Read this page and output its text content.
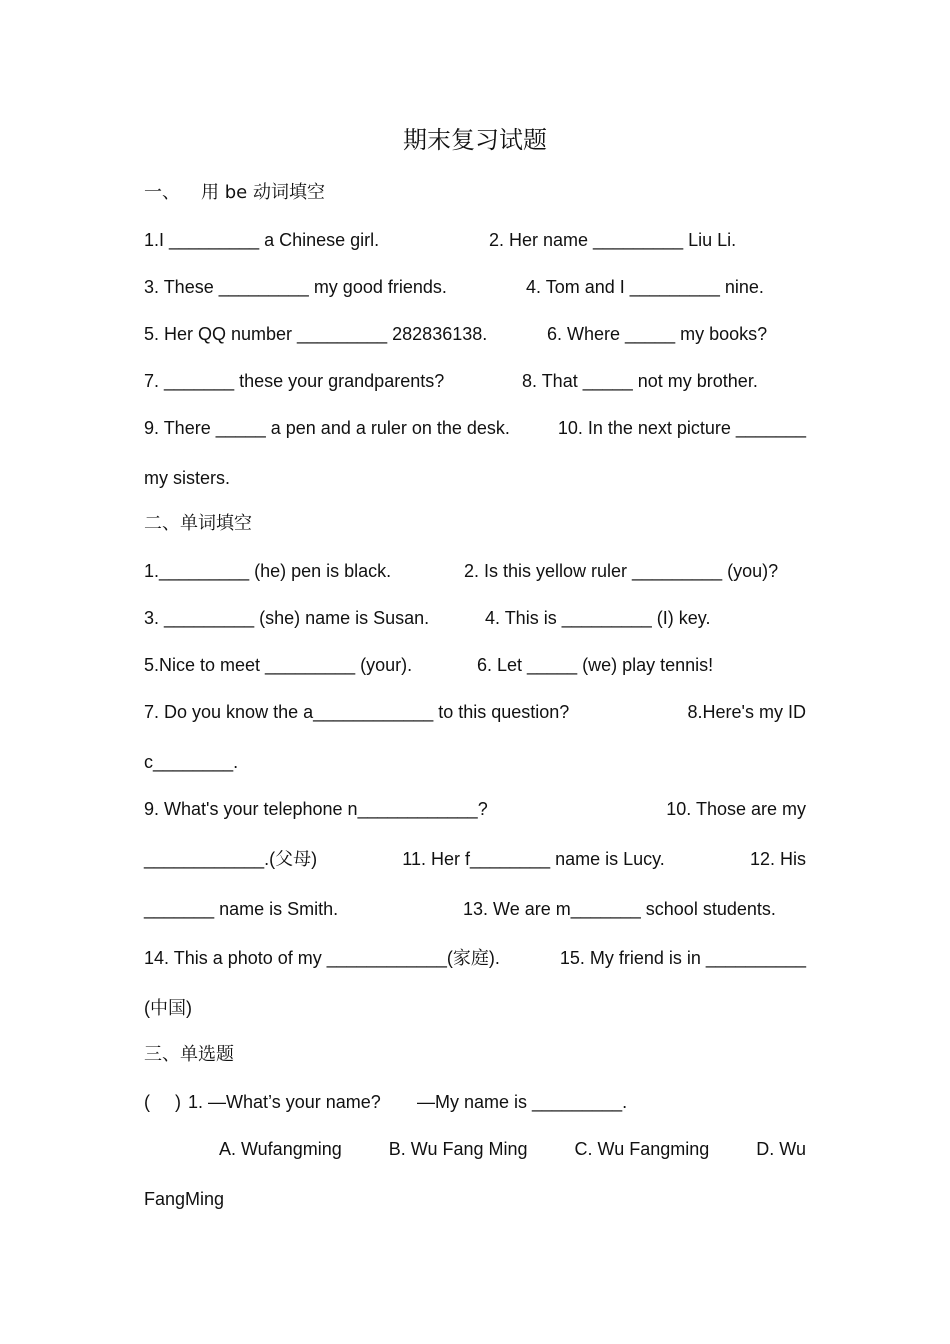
期末复习试题
一、 用 be 动词填空
1.I _________ a Chinese girl.	2. Her name _________ Liu Li.
3. These _________ my good friends.	4. Tom and I _________ nine.
5. Her QQ number _________ 282836138.	6. Where _____ my books?
7. _______ these your grandparents?	8. That _____ not my brother.
9. There _____ a pen and a ruler on the desk.	10. In the next picture _______
my sisters.
二、单词填空
1._________ (he) pen is black.	2. Is this yellow ruler _________ (you)?
3. _________ (she) name is Susan.	4. This is _________ (I) key.
5.Nice to meet _________ (your).	6. Let _____ (we) play tennis!
7. Do you know the a____________ to this question?	8.Here's my ID
c________.
9. What's your telephone n____________?	10. Those are my
____________.(父母)	11. Her f________ name is Lucy.	12. His
_______ name is Smith.	13. We are m_______ school students.
14. This a photo of my ____________(家庭).	15. My friend is in __________
(中国)
三、单选题
(     ) 1. —What’s your name? —My name is _________.
A. Wufangming	B. Wu Fang Ming	C. Wu Fangming	D. Wu
FangMing
